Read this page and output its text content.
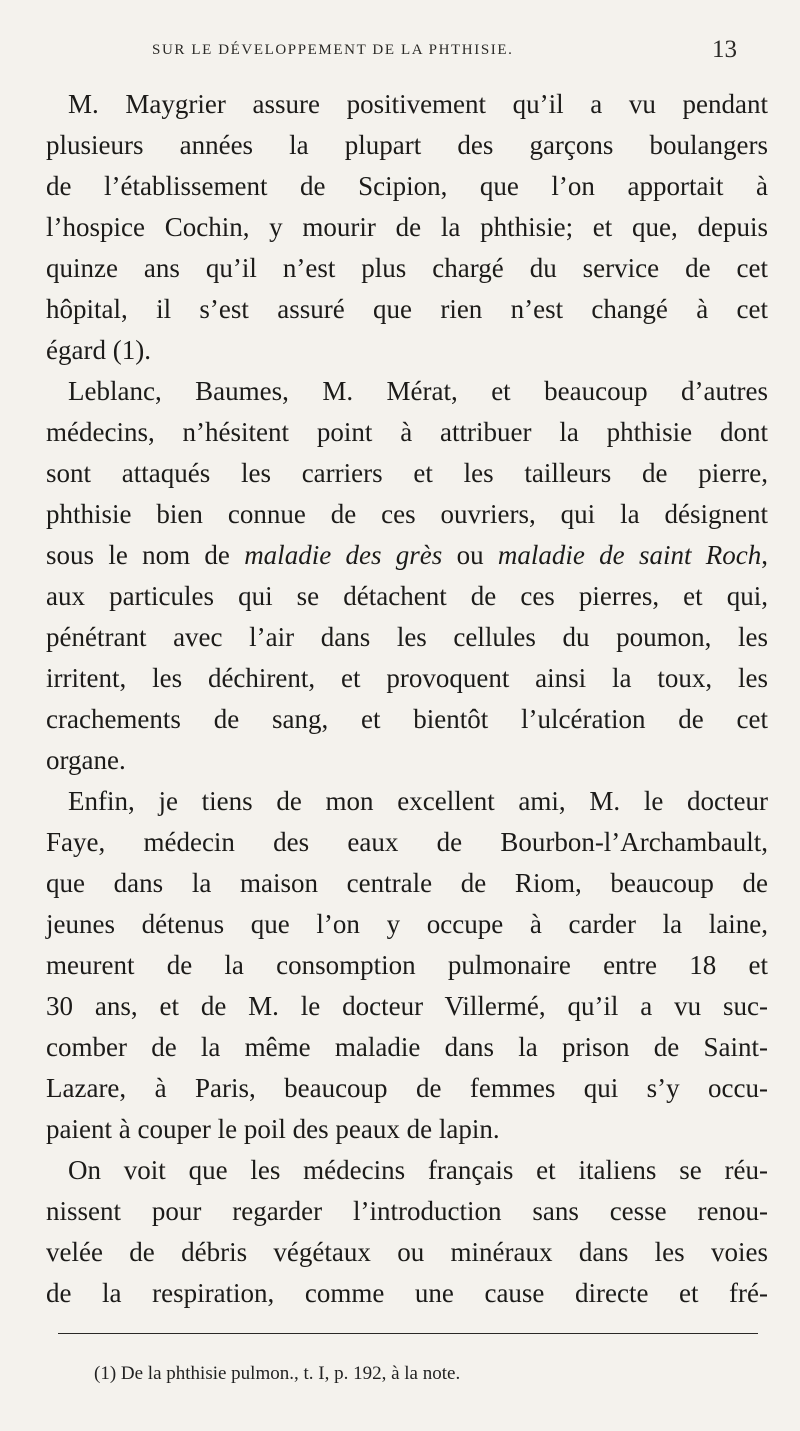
SUR LE DÉVELOPPEMENT DE LA PHTHISIE.	13
M. Maygrier assure positivement qu’il a vu pendant
plusieurs années la plupart des garçons boulangers
de l’établissement de Scipion, que l’on apportait à
l’hospice Cochin, y mourir de la phthisie; et que, depuis
quinze ans qu’il n’est plus chargé du service de cet
hôpital, il s’est assuré que rien n’est changé à cet
égard (1).
Leblanc, Baumes, M. Mérat, et beaucoup d’autres
médecins, n’hésitent point à attribuer la phthisie dont
sont attaqués les carriers et les tailleurs de pierre,
phthisie bien connue de ces ouvriers, qui la désignent
sous le nom de maladie des grès ou maladie de saint Roch,
aux particules qui se détachent de ces pierres, et qui,
pénétrant avec l’air dans les cellules du poumon, les
irritent, les déchirent, et provoquent ainsi la toux, les
crachements de sang, et bientôt l’ulcération de cet
organe.
Enfin, je tiens de mon excellent ami, M. le docteur
Faye, médecin des eaux de Bourbon-l’Archambault,
que dans la maison centrale de Riom, beaucoup de
jeunes détenus que l’on y occupe à carder la laine,
meurent de la consomption pulmonaire entre 18 et
30 ans, et de M. le docteur Villermé, qu’il a vu suc-
comber de la même maladie dans la prison de Saint-
Lazare, à Paris, beaucoup de femmes qui s’y occu-
paient à couper le poil des peaux de lapin.
On voit que les médecins français et italiens se réu-
nissent pour regarder l’introduction sans cesse renou-
velée de débris végétaux ou minéraux dans les voies
de la respiration, comme une cause directe et fré-
(1) De la phthisie pulmon., t. I, p. 192, à la note.
